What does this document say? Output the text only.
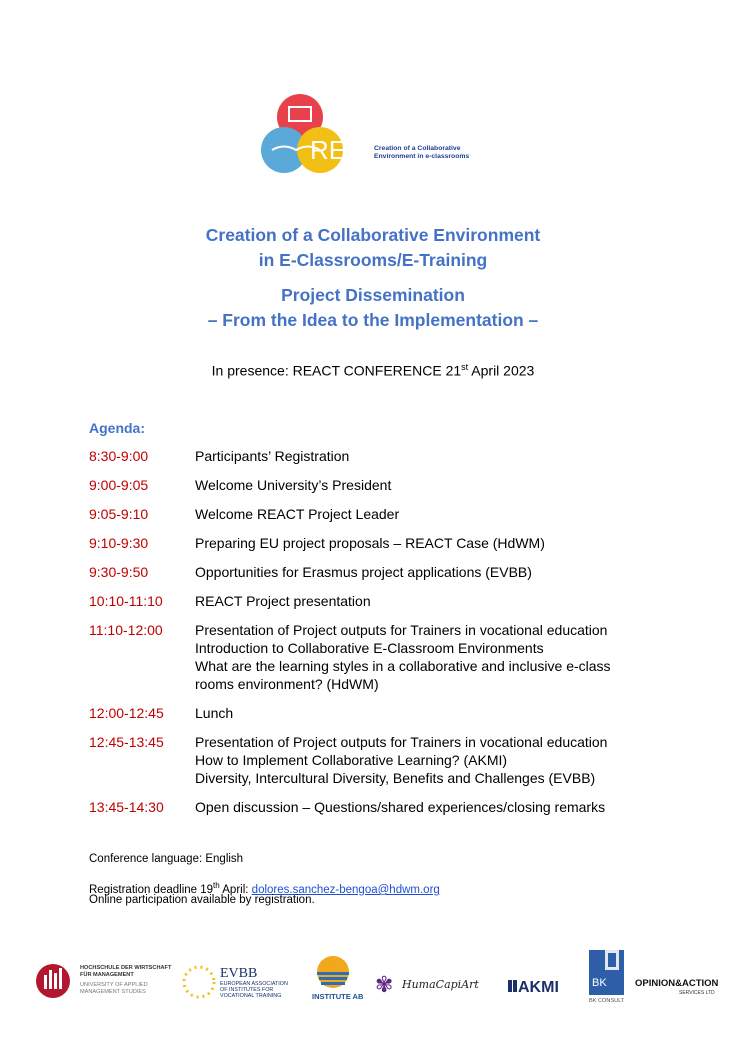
REact
Creation of a Collaborative
Environment in e-classrooms
Creation of a Collaborative Environment
in E-Classrooms/E-Training
Project Dissemination
– From the Idea to the Implementation –
In presence: REACT CONFERENCE 21st April 2023
Agenda:
8:30-9:00	Participants’ Registration
9:00-9:05	Welcome University’s President
9:05-9:10	Welcome REACT Project Leader
9:10-9:30	Preparing EU project proposals – REACT Case (HdWM)
9:30-9:50	Opportunities for Erasmus project applications (EVBB)
10:10-11:10	REACT Project presentation
11:10-12:00	Presentation of Project outputs for Trainers in vocational education
Introduction to Collaborative E-Classroom Environments
What are the learning styles in a collaborative and inclusive e-class
rooms environment? (HdWM)
12:00-12:45	Lunch
12:45-13:45	Presentation of Project outputs for Trainers in vocational education
How to Implement Collaborative Learning? (AKMI)
Diversity, Intercultural Diversity, Benefits and Challenges (EVBB)
13:45-14:30	Open discussion – Questions/shared experiences/closing remarks
Conference language: English
Registration deadline 19th April: dolores.sanchez-bengoa@hdwm.org
Online participation available by registration.
HOCHSCHULE DER WIRTSCHAFT
FÜR MANAGEMENT
UNIVERSITY OF APPLIED
MANAGEMENT STUDIES
EVBB
EUROPEAN ASSOCIATION
OF INSTITUTES FOR
VOCATIONAL TRAINING	INSTITUTE AB ✾ HumaCapiArt AKMI	BK
BK CONSULT
OPINION&ACTION
SERVICES LTD
